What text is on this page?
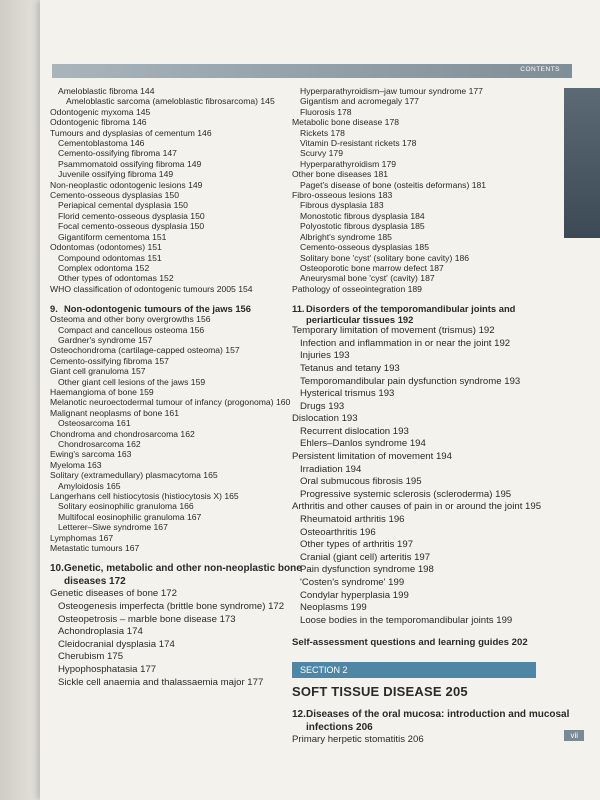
CONTENTS
Ameloblastic fibroma 144
Ameloblastic sarcoma (ameloblastic fibrosarcoma) 145
Odontogenic myxoma 145
Odontogenic fibroma 146
Tumours and dysplasias of cementum 146
Cementoblastoma 146
Cemento-ossifying fibroma 147
Psammomatoid ossifying fibroma 149
Juvenile ossifying fibroma 149
Non-neoplastic odontogenic lesions 149
Cemento-osseous dysplasias 150
Periapical cemental dysplasia 150
Florid cemento-osseous dysplasia 150
Focal cemento-osseous dysplasia 150
Gigantiform cementoma 151
Odontomas (odontomes) 151
Compound odontomas 151
Complex odontoma 152
Other types of odontomas 152
WHO classification of odontogenic tumours 2005 154
9. Non-odontogenic tumours of the jaws 156
Osteoma and other bony overgrowths 156
Compact and cancellous osteoma 156
Gardner's syndrome 157
Osteochondroma (cartilage-capped osteoma) 157
Cemento-ossifying fibroma 157
Giant cell granuloma 157
Other giant cell lesions of the jaws 159
Haemangioma of bone 159
Melanotic neuroectodermal tumour of infancy (progonoma) 160
Malignant neoplasms of bone 161
Osteosarcoma 161
Chondroma and chondrosarcoma 162
Chondrosarcoma 162
Ewing's sarcoma 163
Myeloma 163
Solitary (extramedullary) plasmacytoma 165
Amyloidosis 165
Langerhans cell histiocytosis (histiocytosis X) 165
Solitary eosinophilic granuloma 166
Multifocal eosinophilic granuloma 167
Letterer–Siwe syndrome 167
Lymphomas 167
Metastatic tumours 167
10.Genetic, metabolic and other non-neoplastic bone
diseases 172
Genetic diseases of bone 172
Osteogenesis imperfecta (brittle bone syndrome) 172
Osteopetrosis – marble bone disease 173
Achondroplasia 174
Cleidocranial dysplasia 174
Cherubism 175
Hypophosphatasia 177
Sickle cell anaemia and thalassaemia major 177
Hyperparathyroidism–jaw tumour syndrome 177
Gigantism and acromegaly 177
Fluorosis 178
Metabolic bone disease 178
Rickets 178
Vitamin D-resistant rickets 178
Scurvy 179
Hyperparathyroidism 179
Other bone diseases 181
Paget's disease of bone (osteitis deformans) 181
Fibro-osseous lesions 183
Fibrous dysplasia 183
Monostotic fibrous dysplasia 184
Polyostotic fibrous dysplasia 185
Albright's syndrome 185
Cemento-osseous dysplasias 185
Solitary bone 'cyst' (solitary bone cavity) 186
Osteoporotic bone marrow defect 187
Aneurysmal bone 'cyst' (cavity) 187
Pathology of osseointegration 189
11.Disorders of the temporomandibular joints and
periarticular tissues 192
Temporary limitation of movement (trismus) 192
Infection and inflammation in or near the joint 192
Injuries 193
Tetanus and tetany 193
Temporomandibular pain dysfunction syndrome 193
Hysterical trismus 193
Drugs 193
Dislocation 193
Recurrent dislocation 193
Ehlers–Danlos syndrome 194
Persistent limitation of movement 194
Irradiation 194
Oral submucous fibrosis 195
Progressive systemic sclerosis (scleroderma) 195
Arthritis and other causes of pain in or around the joint 195
Rheumatoid arthritis 196
Osteoarthritis 196
Other types of arthritis 197
Cranial (giant cell) arteritis 197
Pain dysfunction syndrome 198
'Costen's syndrome' 199
Condylar hyperplasia 199
Neoplasms 199
Loose bodies in the temporomandibular joints 199
Self-assessment questions and learning guides 202
SECTION 2
SOFT TISSUE DISEASE 205
12.Diseases of the oral mucosa: introduction and mucosal
infections 206
Primary herpetic stomatitis 206	vii
